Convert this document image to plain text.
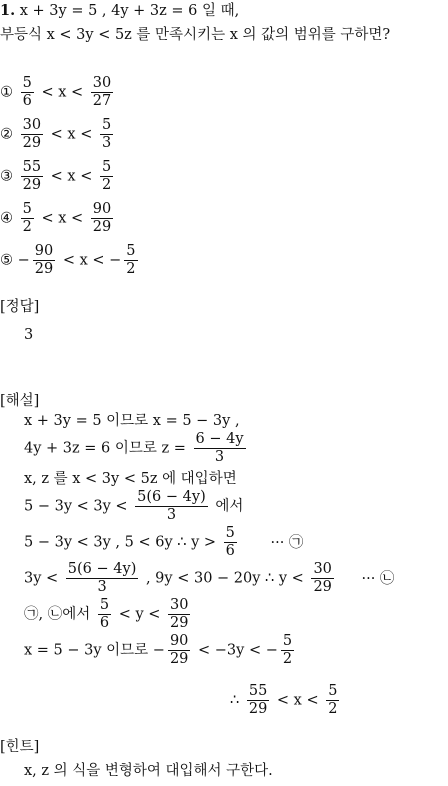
1. x + 3y = 5 , 4y + 3z = 6 일 때,
부등식 x < 3y < 5z 를 만족시키는 x 의 값의 범위를 구하면?
① $\frac{5}{6} < x < \frac{30}{27}$
② $\frac{30}{29} < x < \frac{5}{3}$
③ $\frac{55}{29} < x < \frac{5}{2}$
④ $\frac{5}{2} < x < \frac{90}{29}$
⑤ − $\frac{90}{29} < x$ < − $\frac{5}{2}$
[정답]
3
[해설]
x + 3y = 5 이므로 x = 5 − 3y ,
4y + 3z = 6 이므로 $z = \frac{6 - 4y}{3}$
x, z 를 x < 3y < 5z 에 대입하면
$5 - 3y < 3y < \frac{5(6 - 4y)}{3}$ 에서
5 − 3y < 3y , 5 < 6y ∴ $y > \frac{5}{6}$ ··· ㉠
$3y < \frac{5(6 - 4y)}{3}$ , 9y < 30 − 20y ∴ $y < \frac{30}{29}$ ··· ㉡
㉠, ㉡에서 $\frac{5}{6} < y < \frac{30}{29}$
x = 5 − 3y 이므로 − $\frac{90}{29} < -3y$ < − $\frac{5}{2}$
∴ $\frac{55}{29} < x < \frac{5}{2}$
[힌트]
x, z 의 식을 변형하여 대입해서 구한다.
